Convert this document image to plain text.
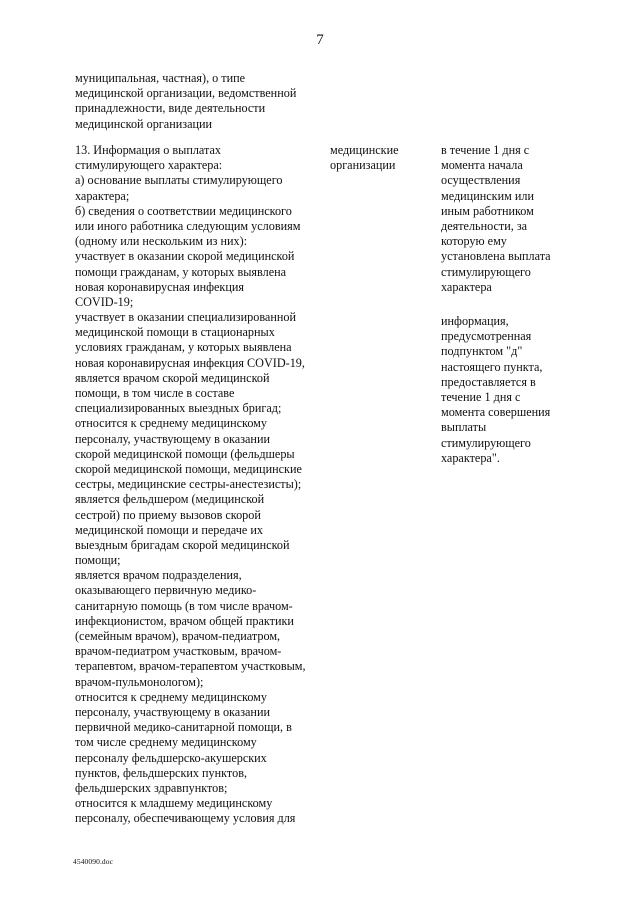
7
муниципальная, частная), о типе
медицинской организации, ведомственной
принадлежности, виде деятельности
медицинской организации
13. Информация о выплатах
стимулирующего характера:
а) основание выплаты стимулирующего
характера;
б) сведения о соответствии медицинского
или иного работника следующим условиям
(одному или нескольким из них):
участвует в оказании скорой медицинской
помощи гражданам, у которых выявлена
новая коронавирусная инфекция
COVID-19;
участвует в оказании специализированной
медицинской помощи в стационарных
условиях гражданам, у которых выявлена
новая коронавирусная инфекция COVID-19,
является врачом скорой медицинской
помощи, в том числе в составе
специализированных выездных бригад;
относится к среднему медицинскому
персоналу, участвующему в оказании
скорой медицинской помощи (фельдшеры
скорой медицинской помощи, медицинские
сестры, медицинские сестры-анестезисты);
является фельдшером (медицинской
сестрой) по приему вызовов скорой
медицинской помощи и передаче их
выездным бригадам скорой медицинской
помощи;
является врачом подразделения,
оказывающего первичную медико-
санитарную помощь (в том числе врачом-
инфекционистом, врачом общей практики
(семейным врачом), врачом-педиатром,
врачом-педиатром участковым, врачом-
терапевтом, врачом-терапевтом участковым,
врачом-пульмонологом);
относится к среднему медицинскому
персоналу, участвующему в оказании
первичной медико-санитарной помощи, в
том числе среднему медицинскому
персоналу фельдшерско-акушерских
пунктов, фельдшерских пунктов,
фельдшерских здравпунктов;
относится к младшему медицинскому
персоналу, обеспечивающему условия для
медицинские
организации
в течение 1 дня с
момента начала
осуществления
медицинским или
иным работником
деятельности, за
которую ему
установлена выплата
стимулирующего
характера
информация,
предусмотренная
подпунктом "д"
настоящего пункта,
предоставляется в
течение 1 дня с
момента совершения
выплаты
стимулирующего
характера".
4540090.doc
